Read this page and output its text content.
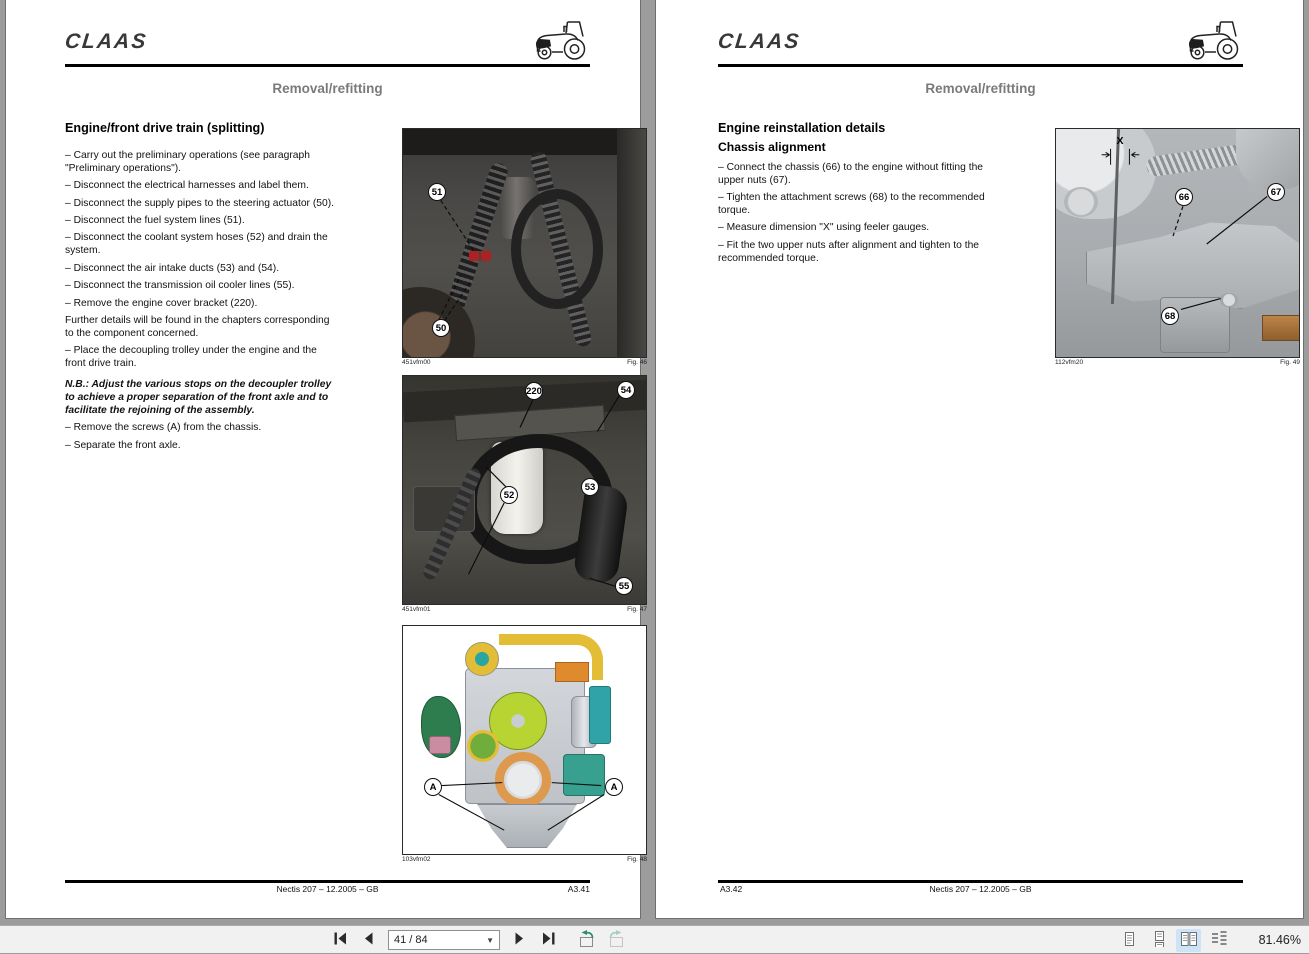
CLAAS
Removal/refitting
Engine/front drive train (splitting)

– Carry out the preliminary operations (see paragraph "Preliminary operations").

– Disconnect the electrical harnesses and label them.

– Disconnect the supply pipes to the steering actuator (50).

– Disconnect the fuel system lines (51).

– Disconnect the coolant system hoses (52) and drain the system.

– Disconnect the air intake ducts (53) and (54).

– Disconnect the transmission oil cooler lines (55).

– Remove the engine cover bracket (220).

Further details will be found in the chapters corresponding to the component concerned.

– Place the decoupling trolley under the engine and the front drive train.

N.B.: Adjust the various stops on the decoupler trolley to achieve a proper separation of the front axle and to facilitate the rejoining of the assembly.

– Remove the screws (A) from the chassis.

– Separate the front axle.

51
50
451vfm00	Fig. 46
220	54
52
53
55
451vfm01	Fig. 47
A	A
103vfm02	Fig. 48
Nectis 207 – 12.2005 – GB	A3.41
CLAAS
Removal/refitting
Engine reinstallation details
Chassis alignment

– Connect the chassis (66) to the engine without fitting the upper nuts (67).

– Tighten the attachment screws (68) to the recommended torque.

– Measure dimension "X" using feeler gauges.

– Fit the two upper nuts after alignment and tighten to the recommended torque.

X
66	67
68
112vfm20	Fig. 49
A3.42	Nectis 207 – 12.2005 – GB
41 / 84	▼	81.46%
